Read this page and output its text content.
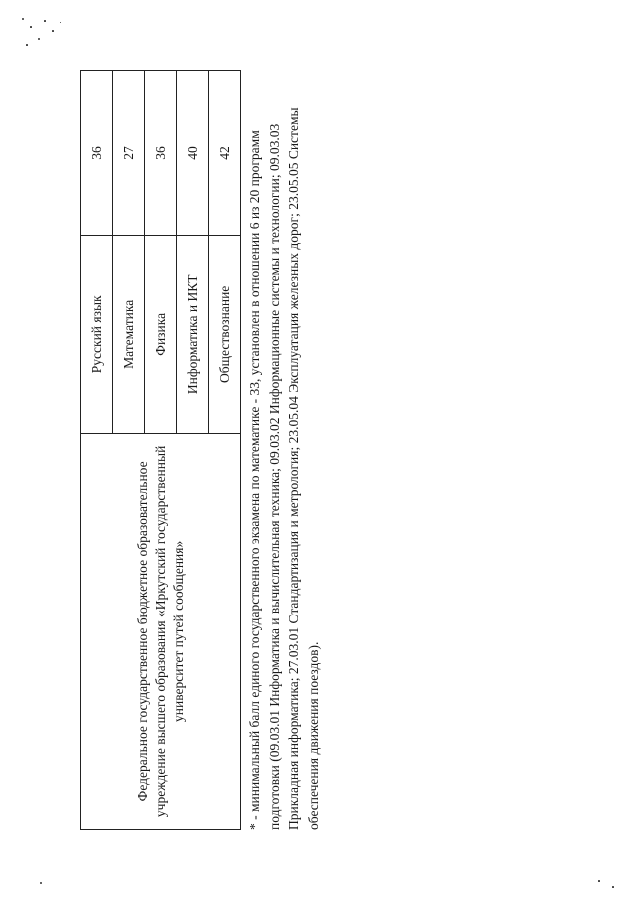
Федеральное государственное бюджетное образовательное учреждение высшего образования «Иркутский государственный университет путей сообщения»	Русский язык	36
	Математика	27
	Физика	36
	Информатика и ИКТ	40
	Обществознание	42 * - минимальный балл единого государственного экзамена по математике - 33, установлен в отношении 6 из 20 программ подготовки (09.03.01 Информатика и вычислительная техника; 09.03.02 Информационные системы и технологии; 09.03.03 Прикладная информатика; 27.03.01 Стандартизация и метрология; 23.05.04 Эксплуатация железных дорог; 23.05.05 Системы обеспечения движения поездов).
